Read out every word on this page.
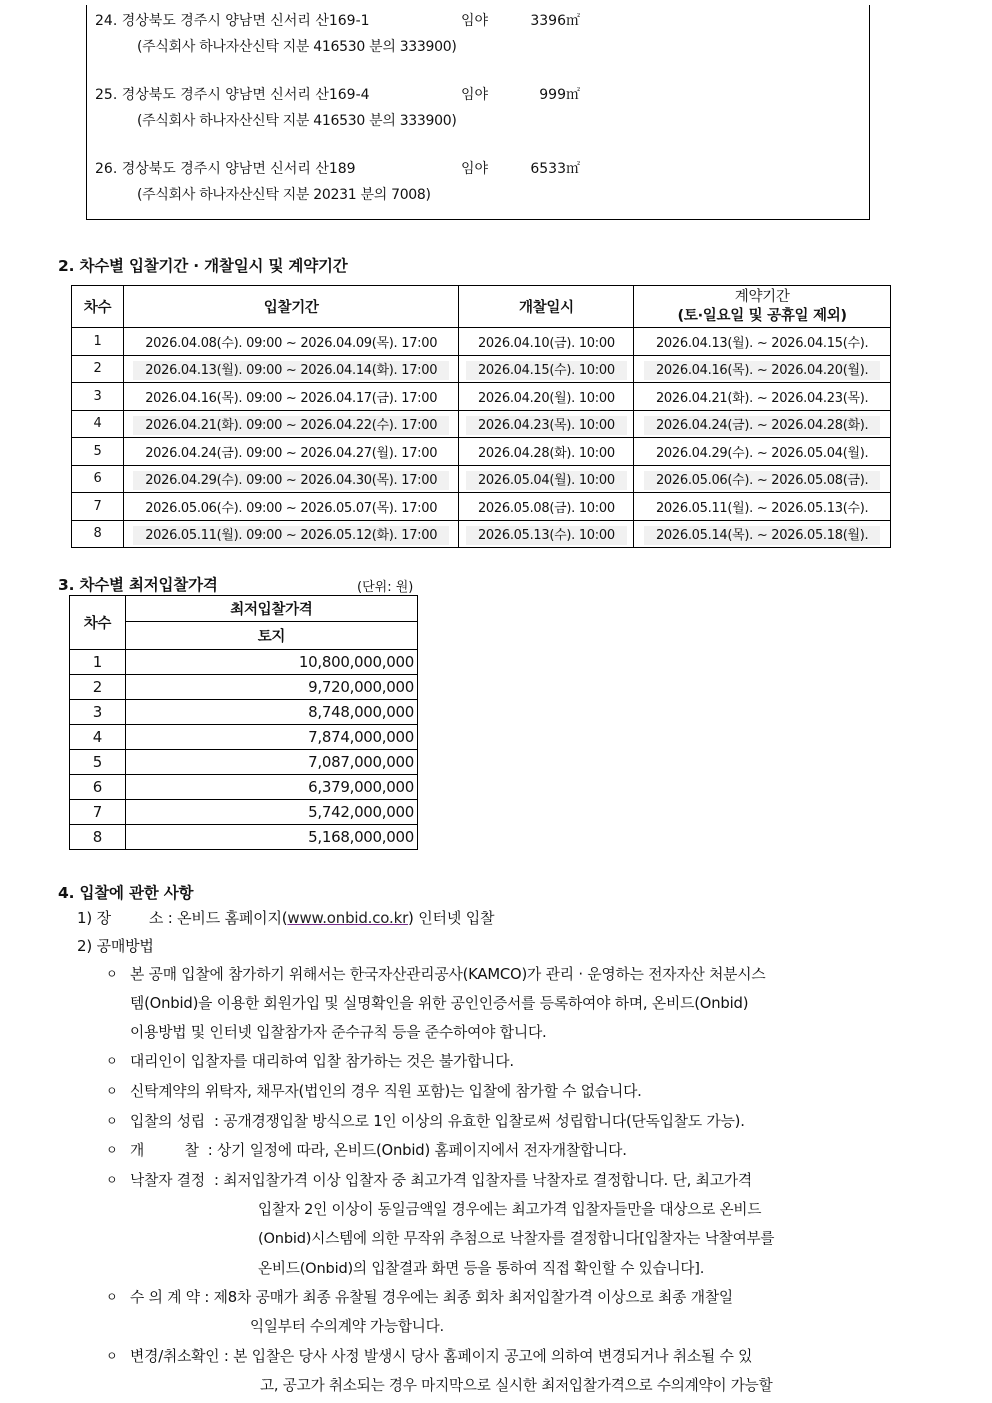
24. 경상북도 경주시 양남면 신서리 산169-1	임야	3396㎡
(주식회사 하나자산신탁 지분 416530 분의 333900)
25. 경상북도 경주시 양남면 신서리 산169-4	임야	999㎡
(주식회사 하나자산신탁 지분 416530 분의 333900)
26. 경상북도 경주시 양남면 신서리 산189	임야	6533㎡
(주식회사 하나자산신탁 지분 20231 분의 7008)
2. 차수별 입찰기간 · 개찰일시 및 계약기간
차수	입찰기간	개찰일시	계약기간
(토·일요일 및 공휴일 제외)

1	2026.04.08(수). 09:00 ~ 2026.04.09(목). 17:00	2026.04.10(금). 10:00	2026.04.13(월). ~ 2026.04.15(수).
2	2026.04.13(월). 09:00 ~ 2026.04.14(화). 17:00	2026.04.15(수). 10:00	2026.04.16(목). ~ 2026.04.20(월).
3	2026.04.16(목). 09:00 ~ 2026.04.17(금). 17:00	2026.04.20(월). 10:00	2026.04.21(화). ~ 2026.04.23(목).
4	2026.04.21(화). 09:00 ~ 2026.04.22(수). 17:00	2026.04.23(목). 10:00	2026.04.24(금). ~ 2026.04.28(화).
5	2026.04.24(금). 09:00 ~ 2026.04.27(월). 17:00	2026.04.28(화). 10:00	2026.04.29(수). ~ 2026.05.04(월).
6	2026.04.29(수). 09:00 ~ 2026.04.30(목). 17:00	2026.05.04(월). 10:00	2026.05.06(수). ~ 2026.05.08(금).
7	2026.05.06(수). 09:00 ~ 2026.05.07(목). 17:00	2026.05.08(금). 10:00	2026.05.11(월). ~ 2026.05.13(수).
8	2026.05.11(월). 09:00 ~ 2026.05.12(화). 17:00	2026.05.13(수). 10:00	2026.05.14(목). ~ 2026.05.18(월).
3. 차수별 최저입찰가격	(단위: 원)
차수	최저입찰가격
	토지
1	10,800,000,000
2	9,720,000,000
3	8,748,000,000
4	7,874,000,000
5	7,087,000,000
6	6,379,000,000
7	5,742,000,000
8	5,168,000,000
4. 입찰에 관한 사항
1) 장	소 : 온비드 홈페이지(www.onbid.co.kr) 인터넷 입찰
2) 공매방법
ㅇ 본 공매 입찰에 참가하기 위해서는 한국자산관리공사(KAMCO)가 관리 · 운영하는 전자자산 처분시스
템(Onbid)을 이용한 회원가입 및 실명확인을 위한 공인인증서를 등록하여야 하며, 온비드(Onbid)
이용방법 및 인터넷 입찰참가자 준수규칙 등을 준수하여야 합니다.
ㅇ 대리인이 입찰자를 대리하여 입찰 참가하는 것은 불가합니다.
ㅇ 신탁계약의 위탁자, 채무자(법인의 경우 직원 포함)는 입찰에 참가할 수 없습니다.
ㅇ 입찰의 성립  : 공개경쟁입찰 방식으로 1인 이상의 유효한 입찰로써 성립합니다(단독입찰도 가능).
ㅇ 개         찰  : 상기 일정에 따라, 온비드(Onbid) 홈페이지에서 전자개찰합니다.
ㅇ 낙찰자 결정  : 최저입찰가격 이상 입찰자 중 최고가격 입찰자를 낙찰자로 결정합니다. 단, 최고가격
입찰자 2인 이상이 동일금액일 경우에는 최고가격 입찰자들만을 대상으로 온비드
(Onbid)시스템에 의한 무작위 추첨으로 낙찰자를 결정합니다[입찰자는 낙찰여부를
온비드(Onbid)의 입찰결과 화면 등을 통하여 직접 확인할 수 있습니다].
ㅇ 수 의 계 약 : 제8차 공매가 최종 유찰될 경우에는 최종 회차 최저입찰가격 이상으로 최종 개찰일
익일부터 수의계약 가능합니다.
ㅇ 변경/취소확인 : 본 입찰은 당사 사정 발생시 당사 홈페이지 공고에 의하여 변경되거나 취소될 수 있
고, 공고가 취소되는 경우 마지막으로 실시한 최저입찰가격으로 수의계약이 가능할
